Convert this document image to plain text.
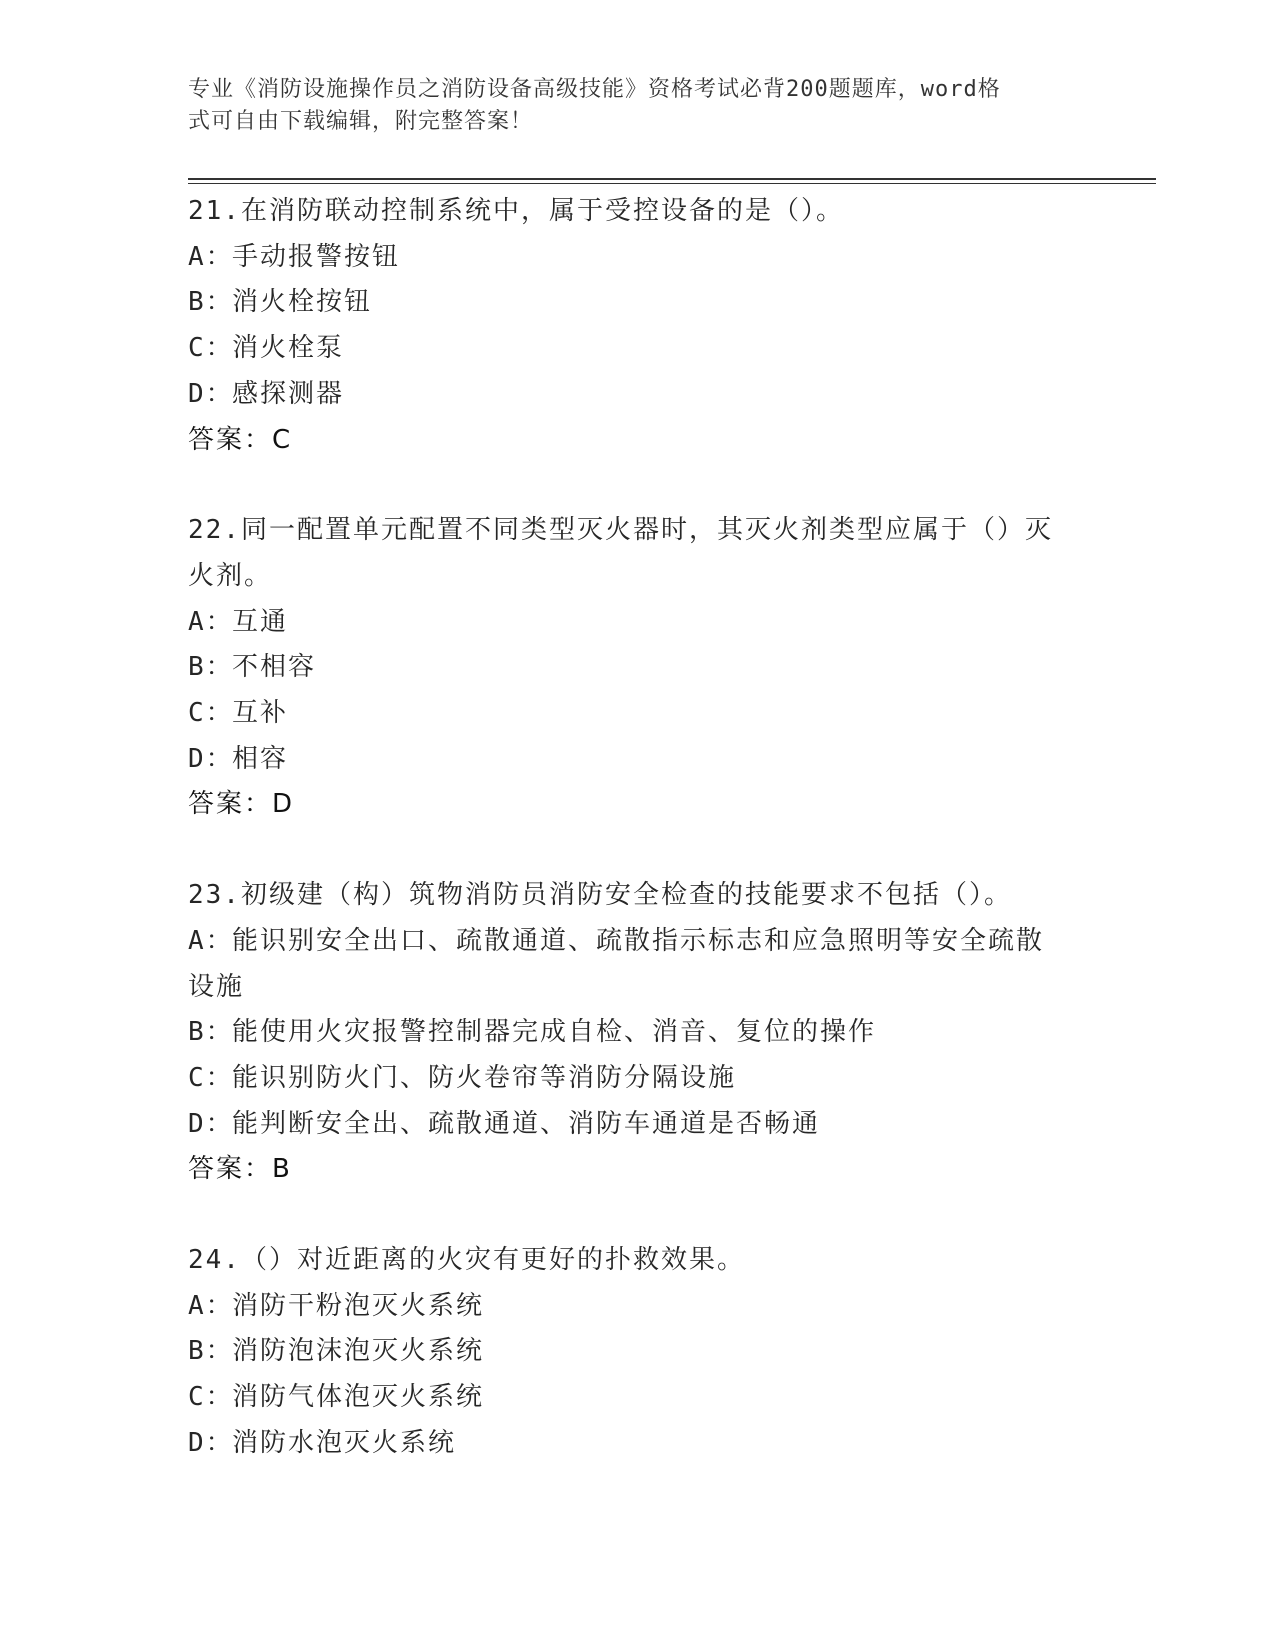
专业《消防设施操作员之消防设备高级技能》资格考试必背200题题库，word格
式可自由下载编辑，附完整答案！
21.在消防联动控制系统中，属于受控设备的是（）。
A：手动报警按钮
B：消火栓按钮
C：消火栓泵
D：感探测器
答案：C
22.同一配置单元配置不同类型灭火器时，其灭火剂类型应属于（）灭
火剂。
A：互通
B：不相容
C：互补
D：相容
答案：D
23.初级建（构）筑物消防员消防安全检查的技能要求不包括（）。
A：能识别安全出口、疏散通道、疏散指示标志和应急照明等安全疏散
设施
B：能使用火灾报警控制器完成自检、消音、复位的操作
C：能识别防火门、防火卷帘等消防分隔设施
D：能判断安全出、疏散通道、消防车通道是否畅通
答案：B
24.（）对近距离的火灾有更好的扑救效果。
A：消防干粉泡灭火系统
B：消防泡沫泡灭火系统
C：消防气体泡灭火系统
D：消防水泡灭火系统
